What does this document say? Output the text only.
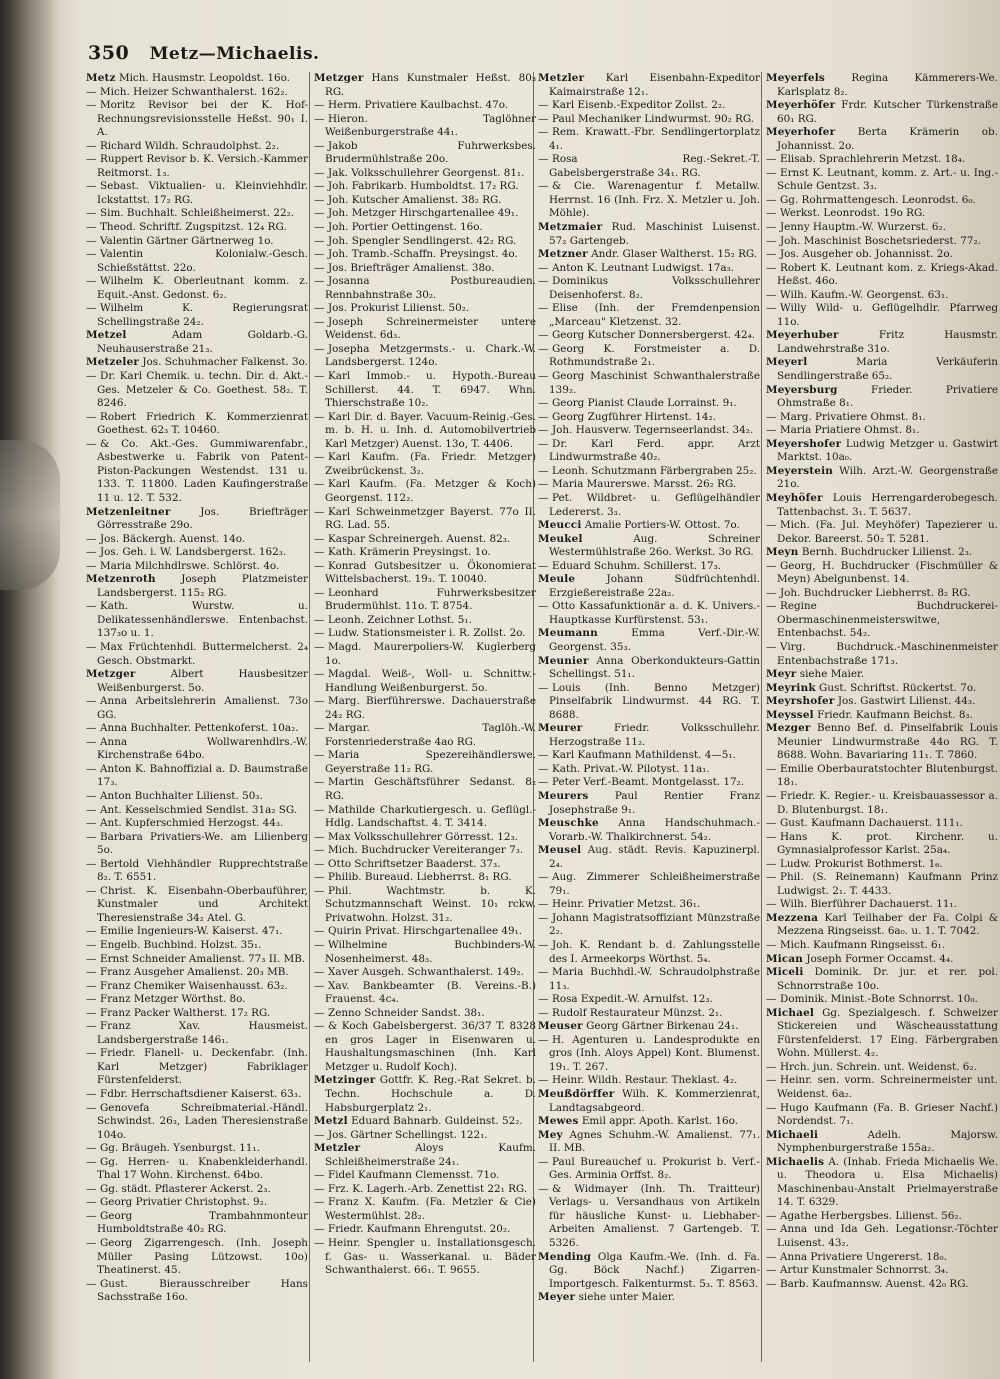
350 Metz—Michaelis.

Metz Mich. Hausmstr. Leopoldst. 16o.

— Mich. Heizer Schwanthalerst. 162₂.

— Moritz Revisor bei der K. Hof-Rechnungsrevisionsstelle Heßst. 90₁ I. A.

— Richard Wildh. Schraudolphst. 2₂.

— Ruppert Revisor b. K. Versich.-Kammer Reitmorst. 1₃.

— Sebast. Viktualien- u. Kleinviehhdlr. Ickstattst. 17₂ RG.

— Sim. Buchhalt. Schleißheimerst. 22₂.

— Theod. Schriftf. Zugspitzst. 12₄ RG.

— Valentin Gärtner Gärtnerweg 1o.

— Valentin Kolonialw.-Gesch. Schießstättst. 22o.

— Wilhelm K. Oberleutnant komm. z. Equit.-Anst. Gedonst. 6₂.

— Wilhelm K. Regierungsrat Schellingstraße 24₂.

Metzel	Adam Goldarb.-G. Neuhauserstraße 21₃.

Metzeler Jos. Schuhmacher Falkenst. 3o.

— Dr. Karl Chemik. u. techn. Dir. d. Akt.-Ges. Metzeler & Co. Goethest. 58₂. T. 8246.

— Robert Friedrich K. Kommerzienrat Goethest. 62₃ T. 10460.

— & Co. Akt.-Ges. Gummiwarenfabr., Asbestwerke u. Fabrik von Patent-Piston-Packungen Westendst. 131 u. 133. T. 11800. Laden Kaufingerstraße 11 u. 12. T. 532.

Metzenleitner	Jos. Briefträger Görresstraße 29o.

— Jos. Bäckergh. Auenst. 14o.

— Jos. Geh. i. W. Landsbergerst. 162₃.

— Maria Milchhdlrswe. Schlörst. 4o.

Metzenroth Joseph Platzmeister Landsbergerst. 115₂ RG.

— Kath. Wurstw. u. Delikatessenhändlerswe. Entenbachst. 137₃o u. 1.

— Max Früchtenhdl. Buttermelcherst. 2₄ Gesch. Obstmarkt.

Metzger	Albert Hausbesitzer Weißenburgerst. 5o.

— Anna Arbeitslehrerin Amalienst. 73o GG.

— Anna Buchhalter. Pettenkoferst. 10a₂.

— Anna Wollwarenhdlrs.-W. Kirchenstraße 64bo.

— Anton K. Bahnoffizial a. D. Baumstraße 17₃.

— Anton Buchhalter Lilienst. 50₃.

— Ant. Kesselschmied Sendlst. 31a₂ SG.

— Ant. Kupferschmied Herzogst. 44₃.

— Barbara Privatiers-We. am Lilienberg 5o.

— Bertold Viehhändler Rupprechtstraße 8₂. T. 6551.

— Christ. K. Eisenbahn-Oberbauführer, Kunstmaler und Architekt Theresienstraße 34₂ Atel. G.

— Emilie Ingenieurs-W. Kaiserst. 47₁.

— Engelb. Buchbind. Holzst. 35₁.

— Ernst Schneider Amalienst. 77₃ II. MB.

— Franz Ausgeher Amalienst. 20₃ MB.

— Franz Chemiker Waisenhausst. 63₂.

— Franz Metzger Wörthst. 8o.

— Franz Packer Waltherst. 17₂ RG.

— Franz Xav. Hausmeist. Landsbergerstraße 146₁.

— Friedr. Flanell- u. Deckenfabr. (Inh. Karl Metzger) Fabriklager Fürstenfelderst.

— Fdbr. Herrschaftsdiener Kaiserst. 63₃.

— Genovefa Schreibmaterial.-Händl. Schwindst. 26₃, Laden Theresienstraße 104o.

— Gg. Bräugeh. Ysenburgst. 11₁.

— Gg. Herren- u. Knabenkleiderhandl. Thal 17 Wohn. Kirchenst. 64bo.

— Gg. städt. Pflasterer Ackerst. 2₃.

— Georg Privatier Christophst. 9₂.

— Georg Trambahnmonteur Humboldtstraße 40₂ RG.

— Georg Zigarrengesch. (Inh. Joseph Müller Pasing Lützowst. 10o) Theatinerst. 45.

— Gust. Bierausschreiber Hans Sachsstraße 16o.

Metzger Hans Kunstmaler Heßst. 80₃ RG.

— Herm. Privatiere Kaulbachst. 47o.

— Hieron. Taglöhner Weißenburgerstraße 44₁.

— Jakob Fuhrwerksbes. Brudermühlstraße 20o.

— Jak. Volksschullehrer Georgenst. 81₁.

— Joh. Fabrikarb. Humboldtst. 17₂ RG.

— Joh. Kutscher Amalienst. 38₂ RG.

— Joh. Metzger Hirschgartenallee 49₁.

— Joh. Portier Oettingenst. 16o.

— Joh. Spengler Sendlingerst. 42₂ RG.

— Joh. Tramb.-Schaffn. Preysingst. 4o.

— Jos. Briefträger Amalienst. 38o.

— Josanna Postbureaudien. Rennbahnstraße 30₂.

— Jos. Prokurist Lilienst. 50₂.

— Joseph Schreinermeister untere Weidenst. 6d₃.

— Josepha Metzgermsts.- u. Chark.-W. Landsbergerst. 124o.

— Karl Immob.- u. Hypoth.-Bureau Schillerst. 44. T. 6947. Whn. Thierschstraße 10₂.

— Karl Dir. d. Bayer. Vacuum-Reinig.-Ges. m. b. H. u. Inh. d. Automobilvertrieb Karl Metzger) Auenst. 13o, T. 4406.

— Karl Kaufm. (Fa. Friedr. Metzger) Zweibrückenst. 3₂.

— Karl Kaufm. (Fa. Metzger & Koch) Georgenst. 112₂.

— Karl Schweinmetzger Bayerst. 77o II. RG. Lad. 55.

— Kaspar Schreinergeh. Auenst. 82₃.

— Kath. Krämerin Preysingst. 1o.

— Konrad Gutsbesitzer u. Ökonomierat Wittelsbacherst. 19₃. T. 10040.

— Leonhard Fuhrwerksbesitzer Brudermühlst. 11o. T. 8754.

— Leonh. Zeichner Lothst. 5₁.

— Ludw. Stationsmeister i. R. Zollst. 2o.

— Magd. Maurerpoliers-W. Kuglerberg 1o.

— Magdal. Weiß-, Woll- u. Schnittw.-Handlung Weißenburgerst. 5o.

— Marg. Bierführerswe. Dachauerstraße 24₂ RG.

— Margar. Taglöh.-W. Forstenriederstraße 4ao RG.

— Maria Spezereihändlerswe. Geyerstraße 11₂ RG.

— Martin Geschäftsführer Sedanst. 8₂ RG.

— Mathilde Charkutiergesch. u. Geflügl.-Hdlg. Landschaftst. 4. T. 3414.

— Max Volksschullehrer Görresst. 12₃.

— Mich. Buchdrucker Vereiteranger 7₃.

— Otto Schriftsetzer Baaderst. 37₃.

— Philib. Bureaud. Liebherrst. 8₁ RG.

— Phil. Wachtmstr. b. K. Schutzmannschaft Weinst. 10₁ rckw. Privatwohn. Holzst. 31₂.

— Quirin Privat. Hirschgartenallee 49₁.

— Wilhelmine Buchbinders-W. Nosenheimerst. 48₃.

— Xaver Ausgeh. Schwanthalerst. 149₂.

— Xav. Bankbeamter (B. Vereins.-B.) Frauenst. 4c₄.

— Zenno Schneider Sandst. 38₁.

— & Koch Gabelsbergerst. 36/37 T. 8328 en gros Lager in Eisenwaren u. Haushaltungsmaschinen (Inh. Karl Metzger u. Rudolf Koch).

Metzinger Gottfr. K. Reg.-Rat Sekret. b. Techn. Hochschule a. D. Habsburgerplatz 2₁.

Metzl Eduard Bahnarb. Guldeinst. 52₂.

— Jos. Gärtner Schellingst. 122₁.

Metzler	Aloys Kaufm. Schleißheimerstraße 24₁.

— Fidel Kaufmann Clemensst. 71o.

— Frz. K. Lagerh.-Arb. Zenettist 22₁ RG.

— Franz X. Kaufm. (Fa. Metzler & Cie) Westermühlst. 28₂.

— Friedr. Kaufmann Ehrengutst. 20₂.

— Heinr. Spengler u. Installationsgesch. f. Gas- u. Wasserkanal. u. Bäder Schwanthalerst. 66₁. T. 9655.

Metzler Karl Eisenbahn-Expeditor Kaimairstraße 12₁.

— Karl Eisenb.-Expeditor Zollst. 2₂.

— Paul Mechaniker Lindwurmst. 90₂ RG.

— Rem. Krawatt.-Fbr. Sendlingertorplatz 4₁.

— Rosa Reg.-Sekret.-T. Gabelsbergerstraße 34₁. RG.

— & Cie. Warenagentur f. Metallw. Herrnst. 16 (Inh. Frz. X. Metzler u. Joh. Möhle).

Metzmaier Rud. Maschinist Luisenst. 57₂ Gartengeb.

Metzner Andr. Glaser Waltherst. 15₂ RG.

— Anton K. Leutnant Ludwigst. 17a₃.

— Dominikus Volksschullehrer Deisenhoferst. 8₂.

— Elise (Inh. der Fremdenpension „Marceau" Kletzenst. 32.

— Georg Kutscher Donnersbergerst. 42₄.

— Georg K. Forstmeister a. D. Rothmundstraße 2₁.

— Georg Maschinist Schwanthalerstraße 139₂.

— Georg Pianist Claude Lorrainst. 9₁.

— Georg Zugführer Hirtenst. 14₂.

— Joh. Hausverw. Tegernseerlandst. 34₂.

— Dr. Karl Ferd. appr. Arzt Lindwurmstraße 40₂.

— Leonh. Schutzmann Färbergraben 25₂.

— Maria Maurerswe. Marsst. 26₂ RG.

— Pet. Wildbret- u. Geflügelhändler Ledererst. 3₃.

Meucci Amalie Portiers-W. Ottost. 7o.

Meukel	Aug. Schreiner Westermühlstraße 26o. Werkst. 3o RG.

— Eduard Schuhm. Schillerst. 17₃.

Meule	Johann Südfrüchtenhdl. Erzgießereistraße 22a₂.

— Otto Kassafunktionär a. d. K. Univers.-Hauptkasse Kurfürstenst. 53₁.

Meumann	Emma Verf.-Dir.-W. Georgenst. 35₃.

Meunier Anna Oberkondukteurs-Gattin Schellingst. 51₁.

— Louis (Inh. Benno Metzger) Pinselfabrik Lindwurmst. 44 RG. T. 8688.

Meurer	Friedr. Volksschullehr. Herzogstraße 11₂.

— Karl Kaufmann Mathildenst. 4—5₁.

— Kath. Privat.-W. Pilotyst. 11a₁.

— Peter Verf.-Beamt. Montgelasst. 17₂.

Meurers	Paul Rentier Franz Josephstraße 9₁.

Meuschke Anna Handschuhmach.-Vorarb.-W. Thalkirchnerst. 54₂.

Meusel Aug. städt. Revis. Kapuzinerpl. 2₄.

— Aug. Zimmerer Schleißheimerstraße 79₁.

— Heinr. Privatier Metzst. 36₁.

— Johann Magistratsoffiziant Münzstraße 2₂.

— Joh. K. Rendant b. d. Zahlungsstelle des I. Armeekorps Wörthst. 5₄.

— Maria Buchhdl.-W. Schraudolphstraße 11₃.

— Rosa Expedit.-W. Arnulfst. 12₃.

— Rudolf Restaurateur Münzst. 2₁.

Meuser Georg Gärtner Birkenau 24₁.

— H. Agenturen u. Landesprodukte en gros (Inh. Aloys Appel) Kont. Blumenst. 19₁. T. 267.

— Heinr. Wildh. Restaur. Theklast. 4₂.

Meußdörffer Wilh. K. Kommerzienrat, Landtagsabgeord.

Mewes Emil appr. Apoth. Karlst. 16o.

Mey Agnes Schuhm.-W. Amalienst. 77₁. II. MB.

— Paul Bureauchef u. Prokurist b. Verf.-Ges. Arminia Orffst. 8₂.

— & Widmayer (Inh. Th. Traitteur) Verlags- u. Versandhaus von Artikeln für häusliche Kunst- u. Liebhaber-Arbeiten Amalienst. 7 Gartengeb. T. 5326.

Mending Olga Kaufm.-We. (Inh. d. Fa. Gg. Böck Nachf.) Zigarren-Importgesch. Falkenturmst. 5₃. T. 8563.

Meyer siehe unter Maier.

Meyerfels	Regina Kämmerers-We. Karlsplatz 8₂.

Meyerhöfer Frdr. Kutscher Türkenstraße 60₁ RG.

Meyerhofer Berta Krämerin ob. Johannisst. 2o.

— Elisab. Sprachlehrerin Metzst. 18₄.

— Ernst K. Leutnant, komm. z. Art.- u. Ing.-Schule Gentzst. 3₃.

— Gg. Rohrmattengesch. Leonrodst. 6₀.

— Werkst. Leonrodst. 19o RG.

— Jenny Hauptm.-W. Wurzerst. 6₂.

— Joh. Maschinist Boschetsriederst. 77₂.

— Jos. Ausgeher ob. Johannisst. 2o.

— Robert K. Leutnant kom. z. Kriegs-Akad. Heßst. 46o.

— Wilh. Kaufm.-W. Georgenst. 63₁.

— Willy Wild- u. Geflügelhdlr. Pfarrweg 11o.

Meyerhuber	Fritz Hausmstr. Landwehrstraße 31o.

Meyerl	Maria Verkäuferin Sendlingerstraße 65₂.

Meyersburg	Frieder. Privatiere Ohmstraße 8₁.

— Marg. Privatiere Ohmst. 8₁.

— Maria Priatiere Ohmst. 8₁.

Meyershofer Ludwig Metzger u. Gastwirt Marktst. 10a₀.

Meyerstein Wilh. Arzt.-W. Georgenstraße 21o.

Meyhöfer Louis Herrengarderobegesch. Tattenbachst. 3₁. T. 5637.

— Mich. (Fa. Jul. Meyhöfer) Tapezierer u. Dekor. Bareerst. 50₂ T. 5281.

Meyn Bernh. Buchdrucker Lilienst. 2₃.

— Georg, H. Buchdrucker (Fischmüller & Meyn) Abelgunbenst. 14.

— Joh. Buchdrucker Liebherrst. 8₂ RG.

— Regine Buchdruckerei-Obermaschinenmeisterswitwe, Entenbachst. 54₂.

— Virg. Buchdruck.-Maschinenmeister Entenbachstraße 171₃.

Meyr siehe Maier.

Meyrink Gust. Schriftst. Rückertst. 7o.

Meyrshofer Jos. Gastwirt Lilienst. 44₃.

Meyssel Friedr. Kaufmann Beichst. 8₃.

Mezger Benno Bef. d. Pinselfabrik Louis Meunier Lindwurmstraße 44o RG. T. 8688. Wohn. Bavariaring 11₁. T. 7860.

— Emilie Oberbauratstochter Blutenburgst. 18₁.

— Friedr. K. Regier.- u. Kreisbauassessor a. D. Blutenburgst. 18₁.

— Gust. Kaufmann Dachauerst. 111₁.

— Hans K. prot. Kirchenr. u. Gymnasialprofessor Karlst. 25a₄.

— Ludw. Prokurist Bothmerst. 1₆.

— Phil. (S. Reinemann) Kaufmann Prinz Ludwigst. 2₁. T. 4433.

— Wilh. Bierführer Dachauerst. 11₁.

Mezzena Karl Teilhaber der Fa. Colpi & Mezzena Ringseisst. 6a₀. u. 1. T. 7042.

— Mich. Kaufmann Ringseisst. 6₁.

Mican Joseph Former Occamst. 4₄.

Miceli Dominik. Dr. jur. et rer. pol. Schnorrstraße 10o.

— Dominik. Minist.-Bote Schnorrst. 10₀.

Michael Gg. Spezialgesch. f. Schweizer Stickereien und Wäscheausstattung Fürstenfelderst. 17 Eing. Färbergraben Wohn. Müllerst. 4₂.

— Hrch. jun. Schrein. unt. Weidenst. 6₂.

— Heinr. sen. vorm. Schreinermeister unt. Weidenst. 6a₂.

— Hugo Kaufmann (Fa. B. Grieser Nachf.) Nordendst. 7₁.

Michaeli	Adelh. Majorsw. Nymphenburgerstraße 155a₂.

Michaelis A. (Inhab. Frieda Michaelis We. u. Theodora u. Elsa Michaelis) Maschinenbau-Anstalt Prielmayerstraße 14. T. 6329.

— Agathe Herbergsbes. Lilienst. 56₂.

— Anna und Ida Geh. Legationsr.-Töchter Luisenst. 43₂.

— Anna Privatiere Ungererst. 18₀.

— Artur Kunstmaler Schnorrst. 3₄.

— Barb. Kaufmannsw. Auenst. 42₀ RG.
